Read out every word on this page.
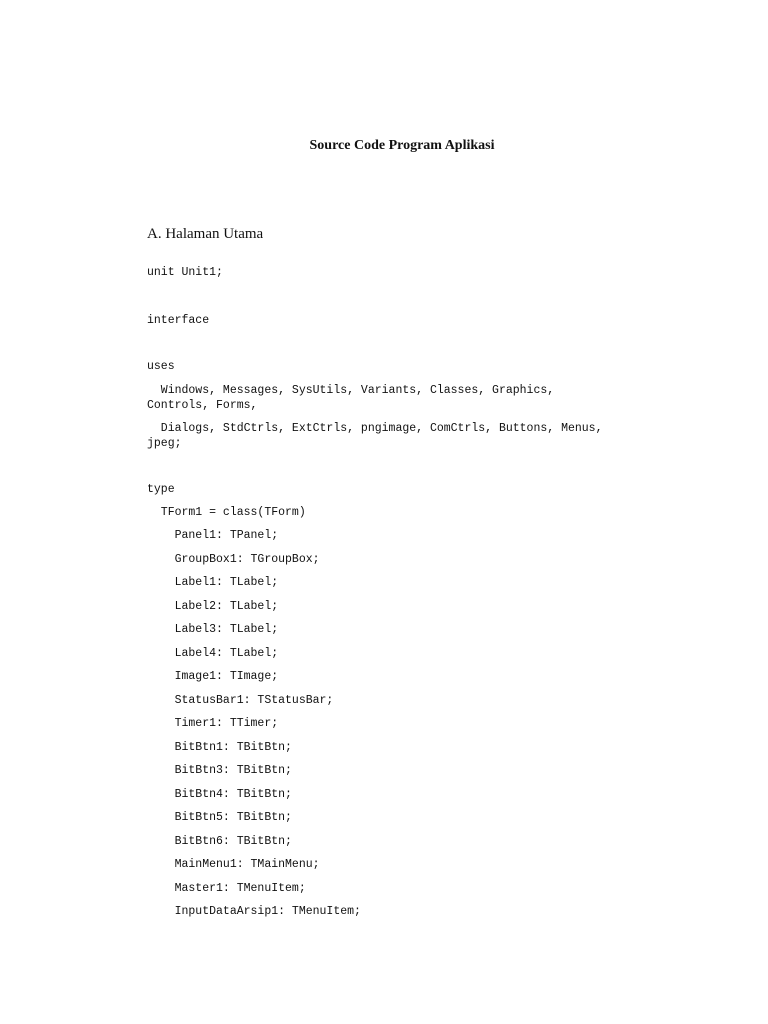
Source Code Program Aplikasi
A. Halaman Utama
unit Unit1;
interface
uses
Windows, Messages, SysUtils, Variants, Classes, Graphics,
Controls, Forms,
Dialogs, StdCtrls, ExtCtrls, pngimage, ComCtrls, Buttons, Menus,
jpeg;
type
TForm1 = class(TForm)
Panel1: TPanel;
GroupBox1: TGroupBox;
Label1: TLabel;
Label2: TLabel;
Label3: TLabel;
Label4: TLabel;
Image1: TImage;
StatusBar1: TStatusBar;
Timer1: TTimer;
BitBtn1: TBitBtn;
BitBtn3: TBitBtn;
BitBtn4: TBitBtn;
BitBtn5: TBitBtn;
BitBtn6: TBitBtn;
MainMenu1: TMainMenu;
Master1: TMenuItem;
InputDataArsip1: TMenuItem;
